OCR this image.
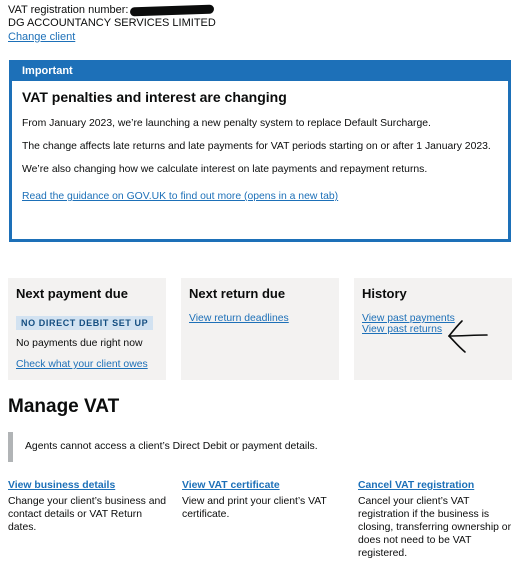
VAT registration number:
DG ACCOUNTANCY SERVICES LIMITED
Change client
Important
VAT penalties and interest are changing

From January 2023, we’re launching a new penalty system to replace Default Surcharge.

The change affects late returns and late payments for VAT periods starting on or after 1 January 2023.

We’re also changing how we calculate interest on late payments and repayment returns.

Read the guidance on GOV.UK to find out more (opens in a new tab)
Next payment due
NO DIRECT DEBIT SET UP

No payments due right now

Check what your client owes
Next return due
View return deadlines
History
View past payments
View past returns
Manage VAT
Agents cannot access a client’s Direct Debit or payment details.
View business details
Change your client’s business and contact details or VAT Return dates.
View VAT certificate
View and print your client’s VAT certificate.
Cancel VAT registration
Cancel your client’s VAT registration if the business is closing, transferring ownership or does not need to be VAT registered.
